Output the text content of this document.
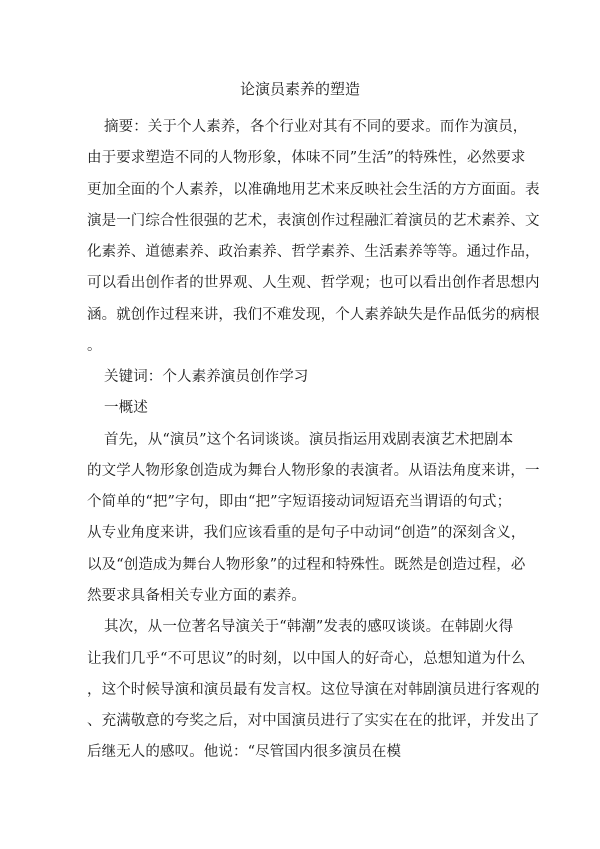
论演员素养的塑造
摘要：关于个人素养，各个行业对其有不同的要求。而作为演员，
由于要求塑造不同的人物形象，体味不同”生活”的特殊性，必然要求
更加全面的个人素养，以准确地用艺术来反映社会生活的方方面面。表
演是一门综合性很强的艺术，表演创作过程融汇着演员的艺术素养、文
化素养、道德素养、政治素养、哲学素养、生活素养等等。通过作品，
可以看出创作者的世界观、人生观、哲学观；也可以看出创作者思想内
涵。就创作过程来讲，我们不难发现，个人素养缺失是作品低劣的病根
。
关键词：个人素养演员创作学习
一概述
首先，从“演员”这个名词谈谈。演员指运用戏剧表演艺术把剧本
的文学人物形象创造成为舞台人物形象的表演者。从语法角度来讲，一
个简单的“把”字句，即由“把”字短语接动词短语充当谓语的句式；
从专业角度来讲，我们应该看重的是句子中动词“创造”的深刻含义，
以及“创造成为舞台人物形象”的过程和特殊性。既然是创造过程，必
然要求具备相关专业方面的素养。
其次，从一位著名导演关于“韩潮”发表的感叹谈谈。在韩剧火得
让我们几乎“不可思议”的时刻，以中国人的好奇心，总想知道为什么
，这个时候导演和演员最有发言权。这位导演在对韩剧演员进行客观的
、充满敬意的夸奖之后，对中国演员进行了实实在在的批评，并发出了
后继无人的感叹。他说：“尽管国内很多演员在模
